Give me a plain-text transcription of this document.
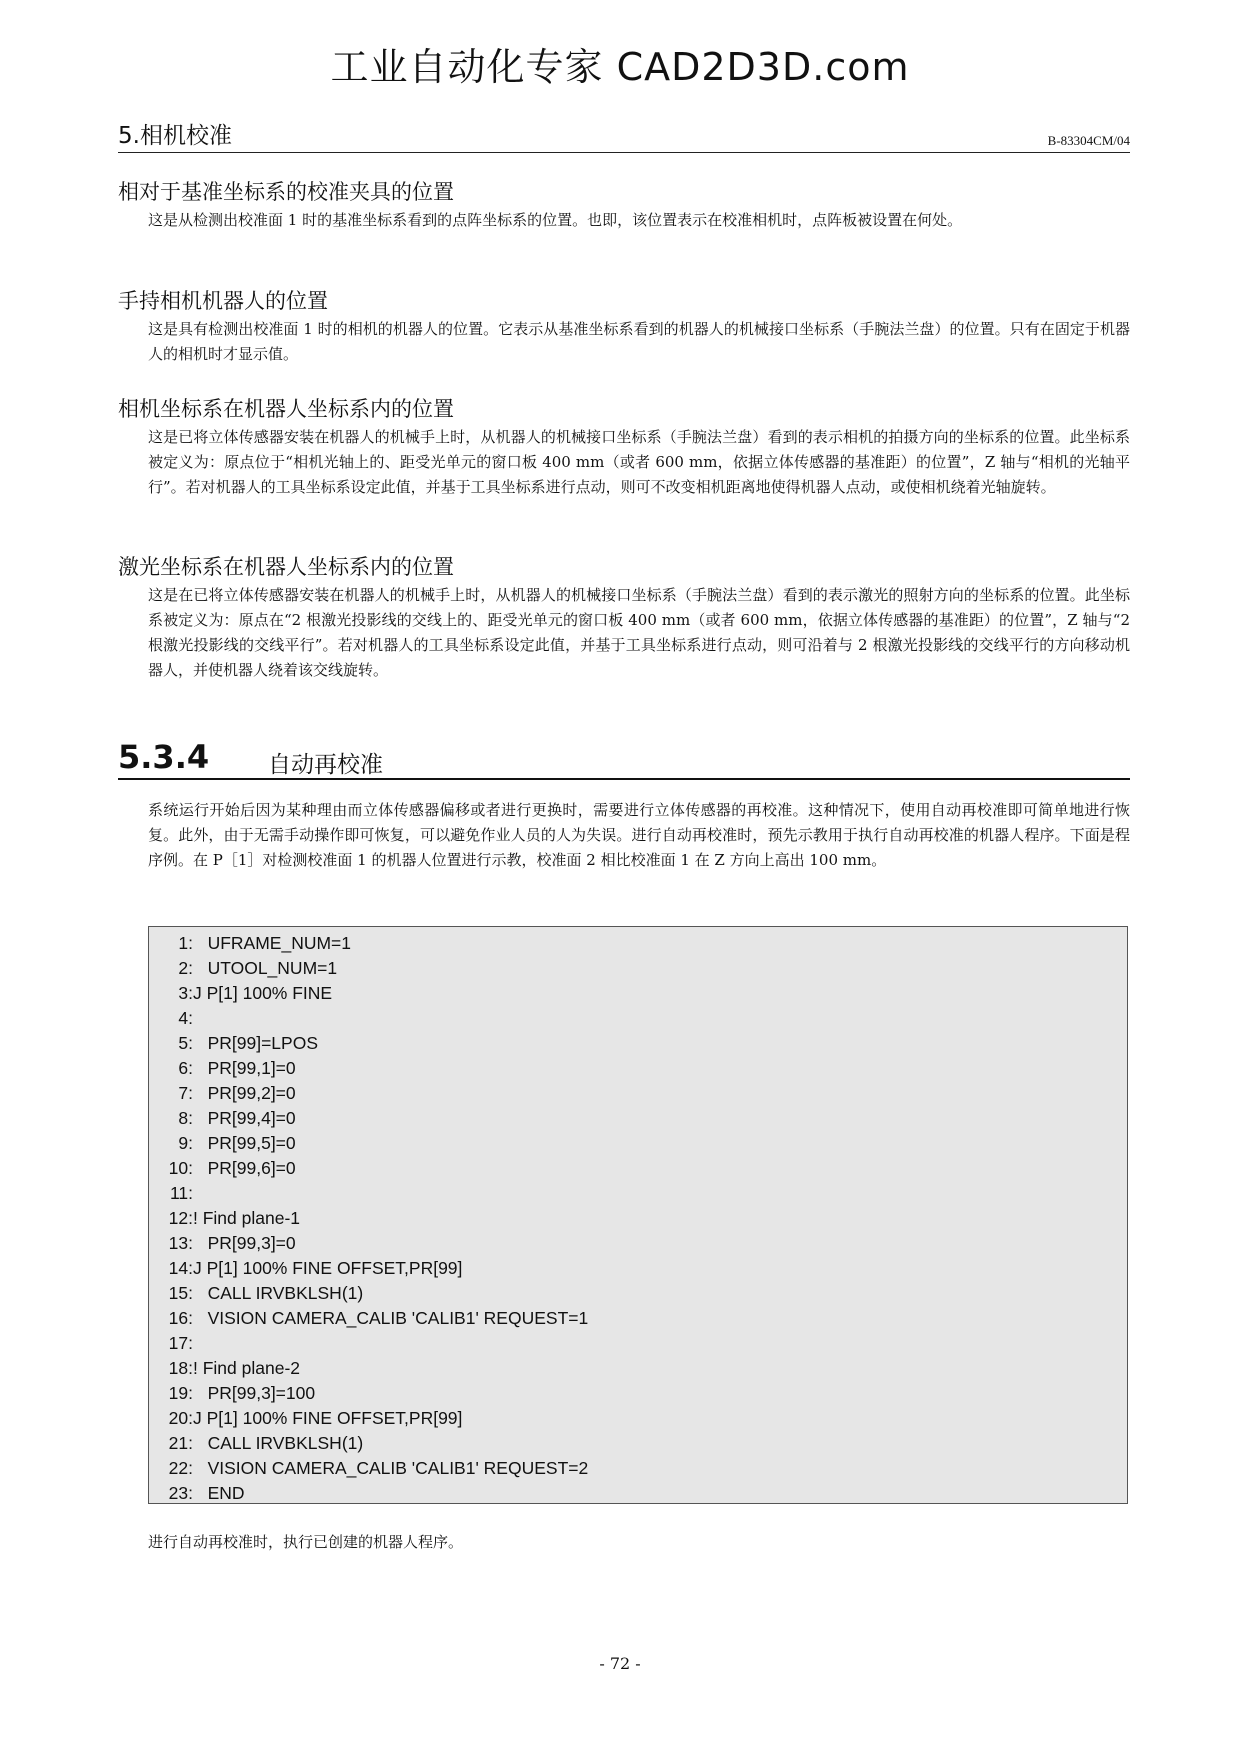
工业自动化专家 CAD2D3D.com
5.相机校准	B-83304CM/04
相对于基准坐标系的校准夹具的位置

这是从检测出校准面 1 时的基准坐标系看到的点阵坐标系的位置。也即，该位置表示在校准相机时，点阵板被设置在何处。

手持相机机器人的位置

这是具有检测出校准面 1 时的相机的机器人的位置。它表示从基准坐标系看到的机器人的机械接口坐标系（手腕法兰盘）的位置。只有在固定于机器人的相机时才显示值。

相机坐标系在机器人坐标系内的位置

这是已将立体传感器安装在机器人的机械手上时，从机器人的机械接口坐标系（手腕法兰盘）看到的表示相机的拍摄方向的坐标系的位置。此坐标系被定义为：原点位于“相机光轴上的、距受光单元的窗口板 400 mm（或者 600 mm，依据立体传感器的基准距）的位置”，Z 轴与“相机的光轴平行”。若对机器人的工具坐标系设定此值，并基于工具坐标系进行点动，则可不改变相机距离地使得机器人点动，或使相机绕着光轴旋转。

激光坐标系在机器人坐标系内的位置

这是在已将立体传感器安装在机器人的机械手上时，从机器人的机械接口坐标系（手腕法兰盘）看到的表示激光的照射方向的坐标系的位置。此坐标系被定义为：原点在“2 根激光投影线的交线上的、距受光单元的窗口板 400 mm（或者 600 mm，依据立体传感器的基准距）的位置”，Z 轴与“2 根激光投影线的交线平行”。若对机器人的工具坐标系设定此值，并基于工具坐标系进行点动，则可沿着与 2 根激光投影线的交线平行的方向移动机器人，并使机器人绕着该交线旋转。

5.3.4	自动再校准

系统运行开始后因为某种理由而立体传感器偏移或者进行更换时，需要进行立体传感器的再校准。这种情况下，使用自动再校准即可简单地进行恢复。此外，由于无需手动操作即可恢复，可以避免作业人员的人为失误。进行自动再校准时，预先示教用于执行自动再校准的机器人程序。下面是程序例。在 P［1］对检测校准面 1 的机器人位置进行示教，校准面 2 相比校准面 1 在 Z 方向上高出 100 mm。

1:   UFRAME_NUM=1
2:   UTOOL_NUM=1
3:J P[1] 100% FINE
4:
5:   PR[99]=LPOS
6:   PR[99,1]=0
7:   PR[99,2]=0
8:   PR[99,4]=0
9:   PR[99,5]=0
10:   PR[99,6]=0
11:
12:! Find plane-1
13:   PR[99,3]=0
14:J P[1] 100% FINE OFFSET,PR[99]
15:   CALL IRVBKLSH(1)
16:   VISION CAMERA_CALIB 'CALIB1' REQUEST=1
17:
18:! Find plane-2
19:   PR[99,3]=100
20:J P[1] 100% FINE OFFSET,PR[99]
21:   CALL IRVBKLSH(1)
22:   VISION CAMERA_CALIB 'CALIB1' REQUEST=2
23:   END

进行自动再校准时，执行已创建的机器人程序。

- 72 -
